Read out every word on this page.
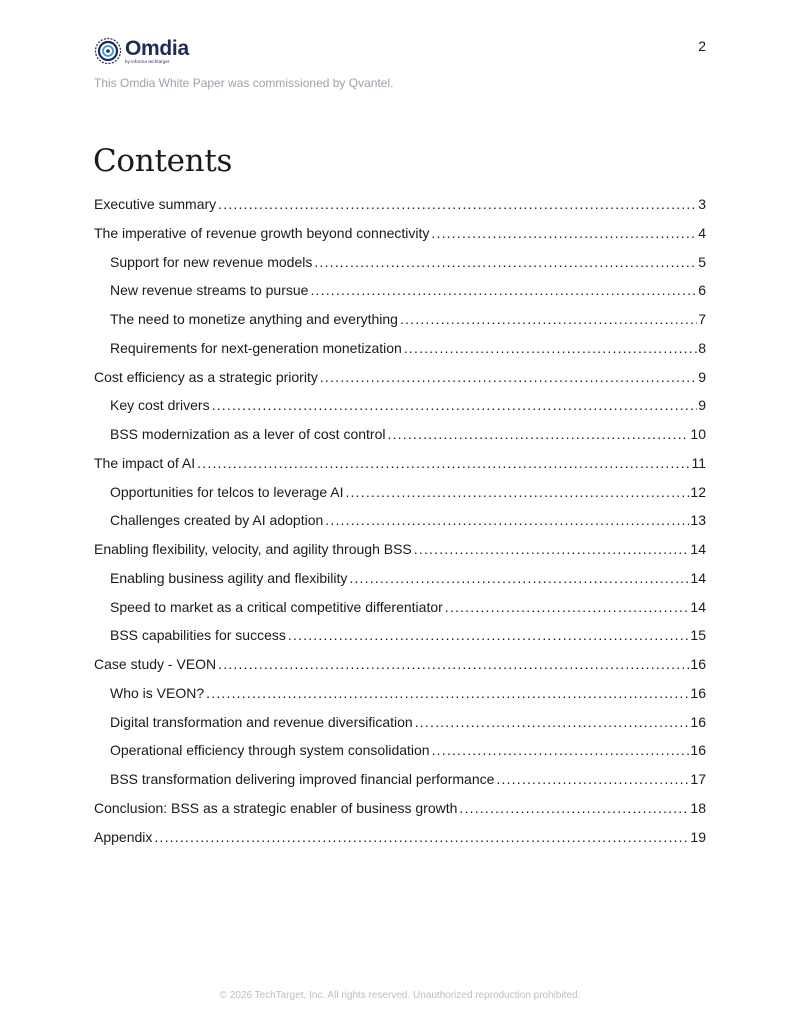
Omdia
by informa techtarget
2
This Omdia White Paper was commissioned by Qvantel.
Contents
Executive summary .....	3
The imperative of revenue growth beyond connectivity .....	4
Support for new revenue models .....	5
New revenue streams to pursue .....	6
The need to monetize anything and everything .....	7
Requirements for next-generation monetization .....	8
Cost efficiency as a strategic priority .....	9
Key cost drivers .....	9
BSS modernization as a lever of cost control .....	10
The impact of AI .....	11
Opportunities for telcos to leverage AI .....	12
Challenges created by AI adoption .....	13
Enabling flexibility, velocity, and agility through BSS .....	14
Enabling business agility and flexibility .....	14
Speed to market as a critical competitive differentiator .....	14
BSS capabilities for success .....	15
Case study - VEON .....	16
Who is VEON? .....	16
Digital transformation and revenue diversification .....	16
Operational efficiency through system consolidation .....	16
BSS transformation delivering improved financial performance .....	17
Conclusion: BSS as a strategic enabler of business growth .....	18
Appendix .....	19
© 2026 TechTarget, Inc. All rights reserved. Unauthorized reproduction prohibited.
